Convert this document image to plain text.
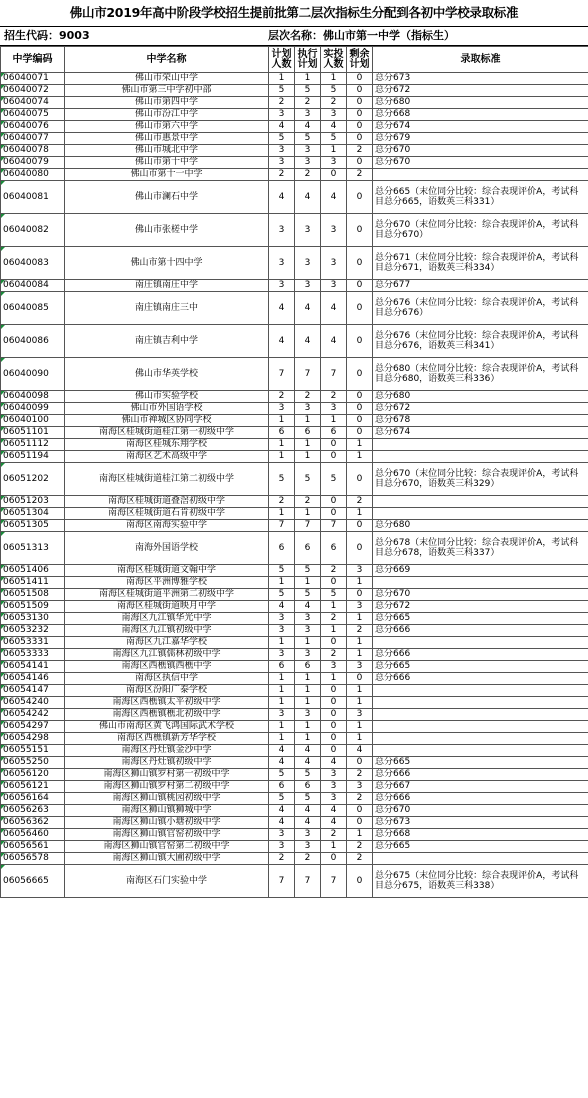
佛山市2019年高中阶段学校招生提前批第二层次指标生分配到各初中学校录取标准
招生代码：9003	层次名称：佛山市第一中学（指标生）
中学编码	中学名称	计划人数	执行计划	实投人数	剩余计划	录取标准
06040071	佛山市荣山中学	1	1	1	0	总分673
06040072	佛山市第三中学初中部	5	5	5	0	总分672
06040074	佛山市第四中学	2	2	2	0	总分680
06040075	佛山市汾江中学	3	3	3	0	总分668
06040076	佛山市第六中学	4	4	4	0	总分674
06040077	佛山市惠景中学	5	5	5	0	总分679
06040078	佛山市城北中学	3	3	1	2	总分670
06040079	佛山市第十中学	3	3	3	0	总分670
06040080	佛山市第十一中学	2	2	0	2	
06040081	佛山市澜石中学	4	4	4	0	总分665（末位同分比较：综合表现评价A，考试科目总分665，语数英三科331）
06040082	佛山市张槎中学	3	3	3	0	总分670（末位同分比较：综合表现评价A，考试科目总分670）
06040083	佛山市第十四中学	3	3	3	0	总分671（末位同分比较：综合表现评价A，考试科目总分671，语数英三科334）
06040084	南庄镇南庄中学	3	3	3	0	总分677
06040085	南庄镇南庄三中	4	4	4	0	总分676（末位同分比较：综合表现评价A，考试科目总分676）
06040086	南庄镇吉利中学	4	4	4	0	总分676（末位同分比较：综合表现评价A，考试科目总分676，语数英三科341）
06040090	佛山市华英学校	7	7	7	0	总分680（末位同分比较：综合表现评价A，考试科目总分680，语数英三科336）
06040098	佛山市实验学校	2	2	2	0	总分680
06040099	佛山市外国语学校	3	3	3	0	总分672
06040100	佛山市禅城区协同学校	1	1	1	0	总分678
06051101	南海区桂城街道桂江第一初级中学	6	6	6	0	总分674
06051112	南海区桂城东翔学校	1	1	0	1	
06051194	南海区艺术高级中学	1	1	0	1	
06051202	南海区桂城街道桂江第二初级中学	5	5	5	0	总分670（末位同分比较：综合表现评价A，考试科目总分670，语数英三科329）
06051203	南海区桂城街道叠滘初级中学	2	2	0	2	
06051304	南海区桂城街道石肯初级中学	1	1	0	1	
06051305	南海区南海实验中学	7	7	7	0	总分680
06051313	南海外国语学校	6	6	6	0	总分678（末位同分比较：综合表现评价A，考试科目总分678，语数英三科337）
06051406	南海区桂城街道文翰中学	5	5	2	3	总分669
06051411	南海区平洲博雅学校	1	1	0	1	
06051508	南海区桂城街道平洲第二初级中学	5	5	5	0	总分670
06051509	南海区桂城街道映月中学	4	4	1	3	总分672
06053130	南海区九江镇华光中学	3	3	2	1	总分665
06053232	南海区九江镇初级中学	3	3	1	2	总分666
06053331	南海区九江嘉华学校	1	1	0	1	
06053333	南海区九江镇儒林初级中学	3	3	2	1	总分666
06054141	南海区西樵镇西樵中学	6	6	3	3	总分665
06054146	南海区执信中学	1	1	1	0	总分666
06054147	南海区汾阳广泰学校	1	1	0	1	
06054240	南海区西樵镇太平初级中学	1	1	0	1	
06054242	南海区西樵镇樵北初级中学	3	3	0	3	
06054297	佛山市南海区黄飞鸿国际武术学校	1	1	0	1	
06054298	南海区西樵镇新芳华学校	1	1	0	1	
06055151	南海区丹灶镇金沙中学	4	4	0	4	
06055250	南海区丹灶镇初级中学	4	4	4	0	总分665
06056120	南海区狮山镇罗村第一初级中学	5	5	3	2	总分666
06056121	南海区狮山镇罗村第二初级中学	6	6	3	3	总分667
06056164	南海区狮山镇桃园初级中学	5	5	3	2	总分666
06056263	南海区狮山镇狮城中学	4	4	4	0	总分670
06056362	南海区狮山镇小塘初级中学	4	4	4	0	总分673
06056460	南海区狮山镇官窑初级中学	3	3	2	1	总分668
06056561	南海区狮山镇官窑第二初级中学	3	3	1	2	总分665
06056578	南海区狮山镇大圃初级中学	2	2	0	2	
06056665	南海区石门实验中学	7	7	7	0	总分675（末位同分比较：综合表现评价A，考试科目总分675，语数英三科338）
